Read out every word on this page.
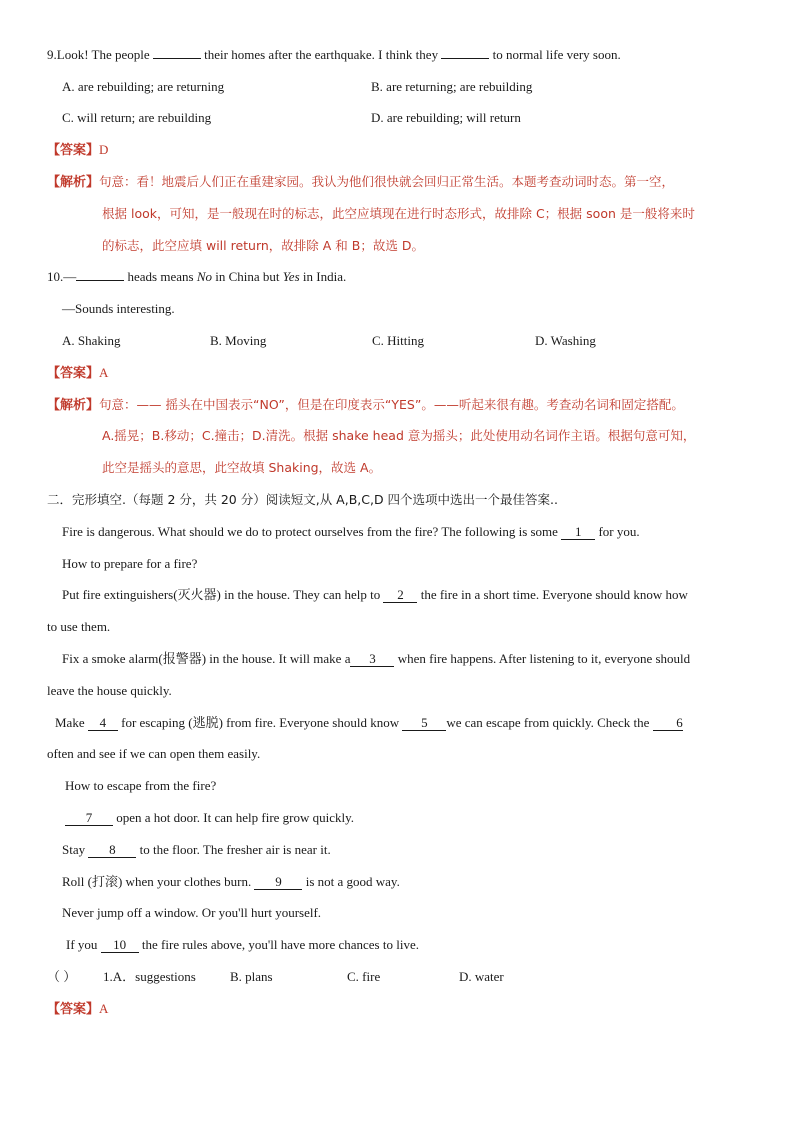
9.Look! The people	their homes after the earthquake. I think they	to normal life very soon.
A. are rebuilding; are returning	B. are returning; are rebuilding
C. will return; are rebuilding	D. are rebuilding; will return
【答案】D
【解析】句意：看！地震后人们正在重建家园。我认为他们很快就会回归正常生活。本题考查动词时态。第一空，
根据 look，可知，是一般现在时的标志，此空应填现在进行时态形式，故排除 C；根据 soon 是一般将来时
的标志，此空应填 will return，故排除 A 和 B；故选 D。
10.—	heads means No in China but Yes in India.
—Sounds interesting.
A. Shaking	B. Moving	C. Hitting	D. Washing
【答案】A
【解析】句意：—— 摇头在中国表示“NO”，但是在印度表示“YES”。——听起来很有趣。考查动名词和固定搭配。
A.摇晃；B.移动；C.撞击；D.清洗。根据 shake head 意为摇头；此处使用动名词作主语。根据句意可知，
此空是摇头的意思，此空故填 Shaking，故选 A。
二．完形填空.（每题 2 分，共 20 分）阅读短文,从 A,B,C,D 四个选项中选出一个最佳答案..
Fire is dangerous. What should we do to protect ourselves from the fire? The following is some 1 for you.
How to prepare for a fire?
Put fire extinguishers(灭火器) in the house. They can help to 2 the fire in a short time. Everyone should know how
to use them.
Fix a smoke alarm(报警器) in the house. It will make a 3 when fire happens. After listening to it, everyone should
leave the house quickly.
Make 4 for escaping (逃脱) from fire. Everyone should know 5 we can escape from quickly. Check the 6
often and see if we can open them easily.
How to escape from the fire?
7 open a hot door. It can help fire grow quickly.
Stay 8 to the floor. The fresher air is near it.
Roll (打滚) when your clothes burn. 9 is not a good way.
Never jump off a window. Or you'll hurt yourself.
If you 10 the fire rules above, you'll have more chances to live.
（ ） 1.A．suggestions	B. plans	C. fire	D. water
【答案】A
